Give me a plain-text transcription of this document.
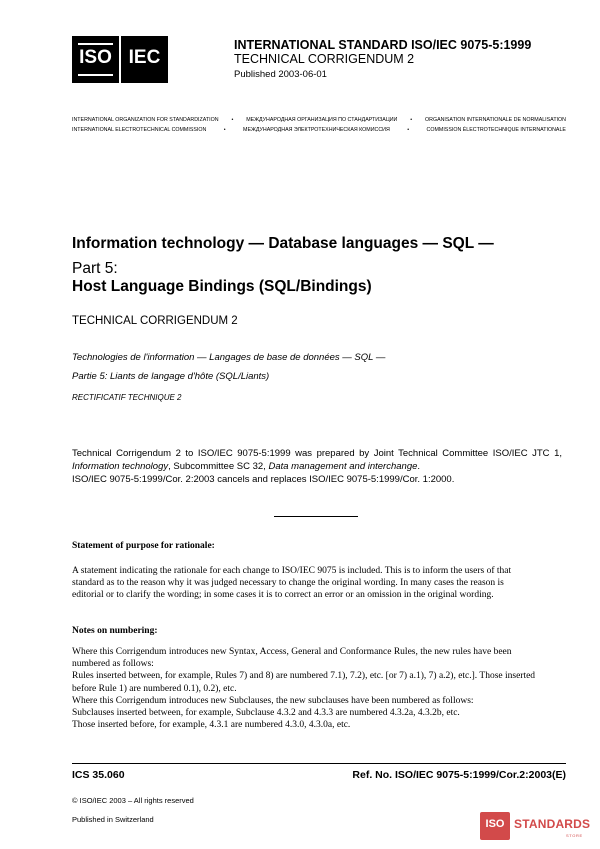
ISO IEC
INTERNATIONAL STANDARD ISO/IEC 9075-5:1999
TECHNICAL CORRIGENDUM 2
Published 2003-06-01
INTERNATIONAL ORGANIZATION FOR STANDARDIZATION • МЕЖДУНАРОДНАЯ ОРГАНИЗАЦИЯ ПО СТАНДАРТИЗАЦИИ • ORGANISATION INTERNATIONALE DE NORMALISATION
INTERNATIONAL ELECTROTECHNICAL COMMISSION	•	МЕЖДУНАРОДНАЯ ЭЛЕКТРОТЕХНИЧЕСКАЯ КОМИССИЯ	•	COMMISSION ÉLECTROTECHNIQUE INTERNATIONALE
Information technology — Database languages — SQL —
Part 5:
Host Language Bindings (SQL/Bindings)
TECHNICAL CORRIGENDUM 2
Technologies de l'information — Langages de base de données — SQL —
Partie 5: Liants de langage d'hôte (SQL/Liants)
RECTIFICATIF TECHNIQUE 2

Technical Corrigendum 2 to ISO/IEC 9075-5:1999 was prepared by Joint Technical Committee ISO/IEC JTC 1, Information technology, Subcommittee SC 32, Data management and interchange.

ISO/IEC 9075-5:1999/Cor. 2:2003 cancels and replaces ISO/IEC 9075-5:1999/Cor. 1:2000.

Statement of purpose for rationale:
A statement indicating the rationale for each change to ISO/IEC 9075 is included. This is to inform the users of that standard as to the reason why it was judged necessary to change the original wording. In many cases the reason is editorial or to clarify the wording; in some cases it is to correct an error or an omission in the original wording.
Notes on numbering:

Where this Corrigendum introduces new Syntax, Access, General and Conformance Rules, the new rules have been numbered as follows:

Rules inserted between, for example, Rules 7) and 8) are numbered 7.1), 7.2), etc. [or 7) a.1), 7) a.2), etc.]. Those inserted before Rule 1) are numbered 0.1), 0.2), etc.

Where this Corrigendum introduces new Subclauses, the new subclauses have been numbered as follows:

Subclauses inserted between, for example, Subclause 4.3.2 and 4.3.3 are numbered 4.3.2a, 4.3.2b, etc.

Those inserted before, for example, 4.3.1 are numbered 4.3.0, 4.3.0a, etc.

ICS 35.060	Ref. No. ISO/IEC 9075-5:1999/Cor.2:2003(E)
© ISO/IEC 2003 – All rights reserved
Published in Switzerland	ISO STANDARDS
STORE
